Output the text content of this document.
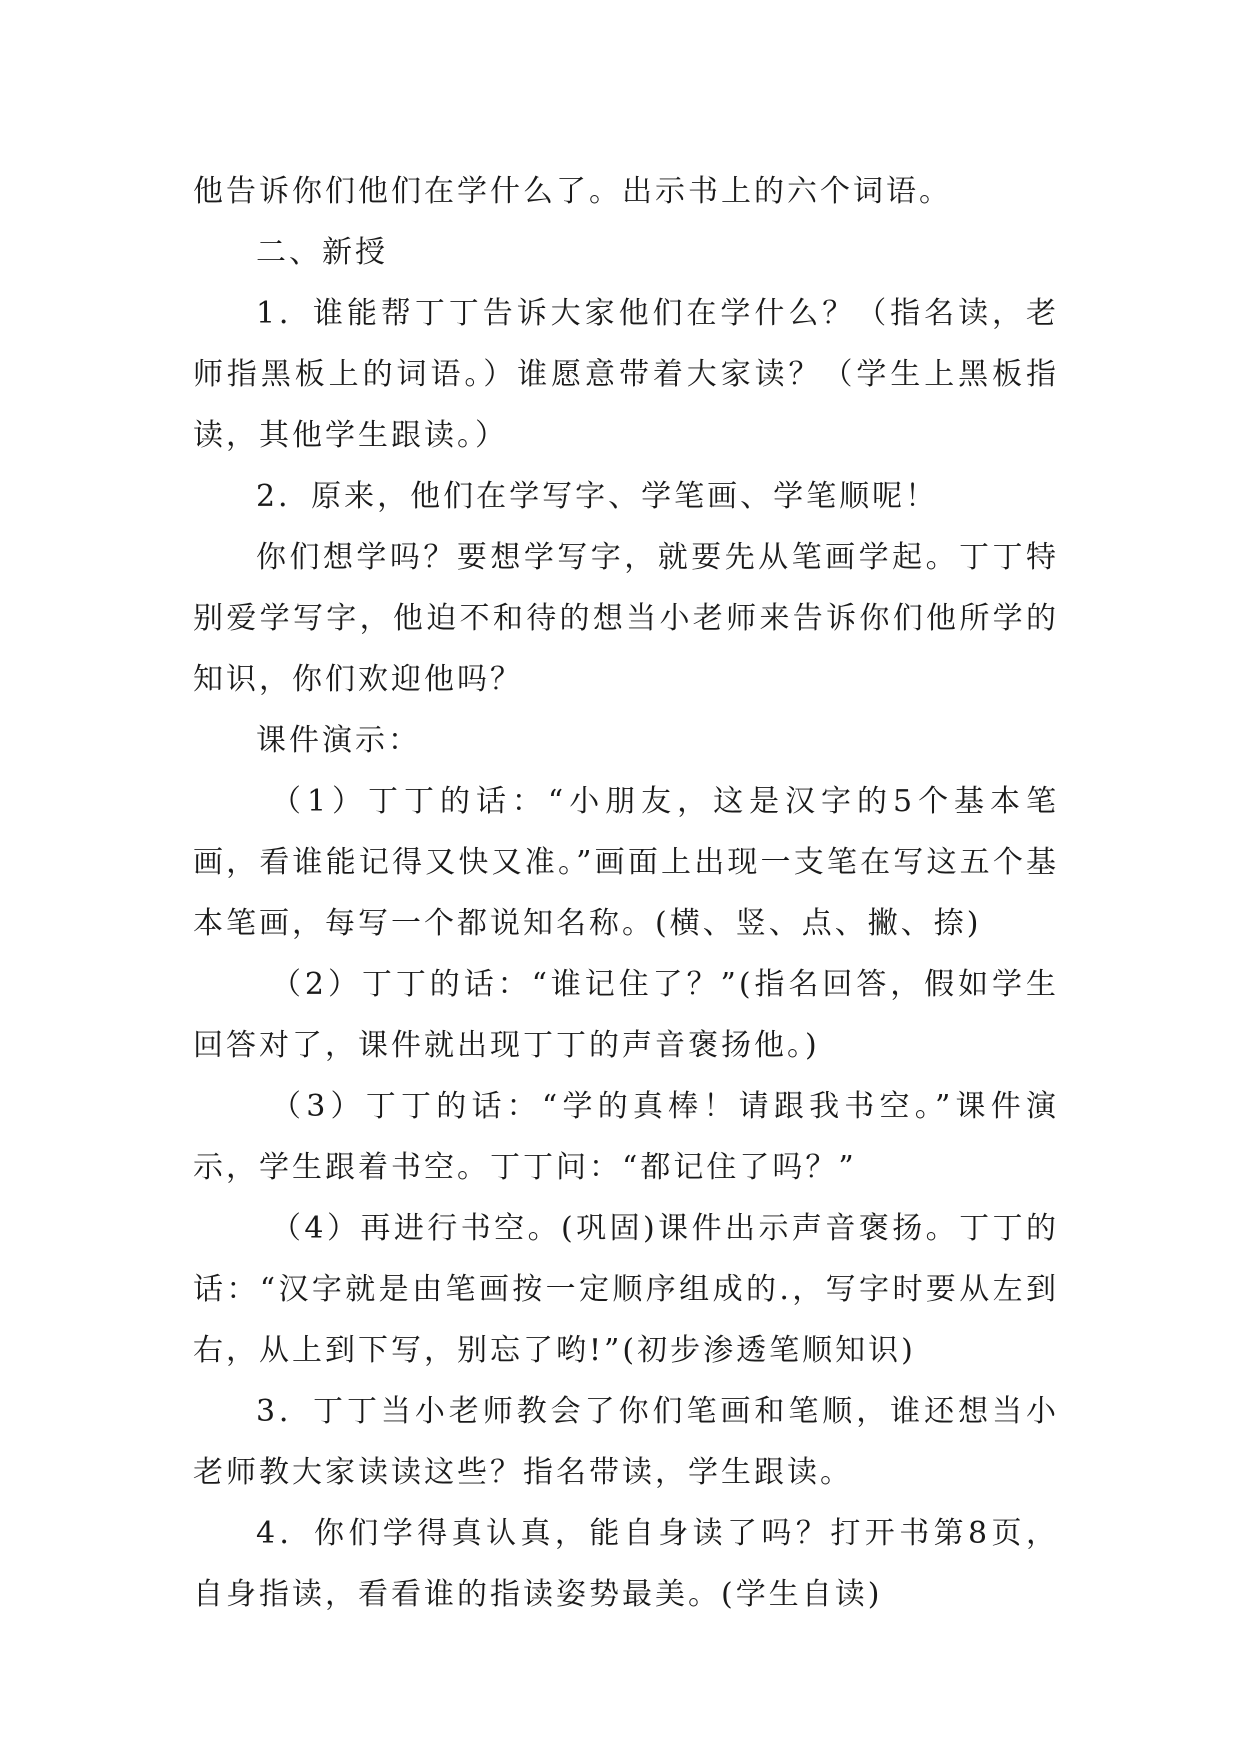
他告诉你们他们在学什么了。出示书上的六个词语。

二、新授

1．谁能帮丁丁告诉大家他们在学什么？（指名读，老师指黑板上的词语。）谁愿意带着大家读？（学生上黑板指读，其他学生跟读。）

2．原来，他们在学写字、学笔画、学笔顺呢！

你们想学吗？要想学写字，就要先从笔画学起。丁丁特别爱学写字，他迫不和待的想当小老师来告诉你们他所学的知识，你们欢迎他吗？

课件演示：

（1）丁丁的话：“小朋友，这是汉字的5个基本笔画，看谁能记得又快又准。”画面上出现一支笔在写这五个基本笔画，每写一个都说知名称。(横、竖、点、撇、捺)

（2）丁丁的话：“谁记住了？”(指名回答，假如学生回答对了，课件就出现丁丁的声音褒扬他。)

（3）丁丁的话：“学的真棒！请跟我书空。”课件演示，学生跟着书空。丁丁问：“都记住了吗？”

（4）再进行书空。(巩固)课件出示声音褒扬。丁丁的话：“汉字就是由笔画按一定顺序组成的.，写字时要从左到右，从上到下写，别忘了哟!”(初步渗透笔顺知识)

3．丁丁当小老师教会了你们笔画和笔顺，谁还想当小老师教大家读读这些？指名带读，学生跟读。

4．你们学得真认真，能自身读了吗？打开书第8页，自身指读，看看谁的指读姿势最美。(学生自读)
